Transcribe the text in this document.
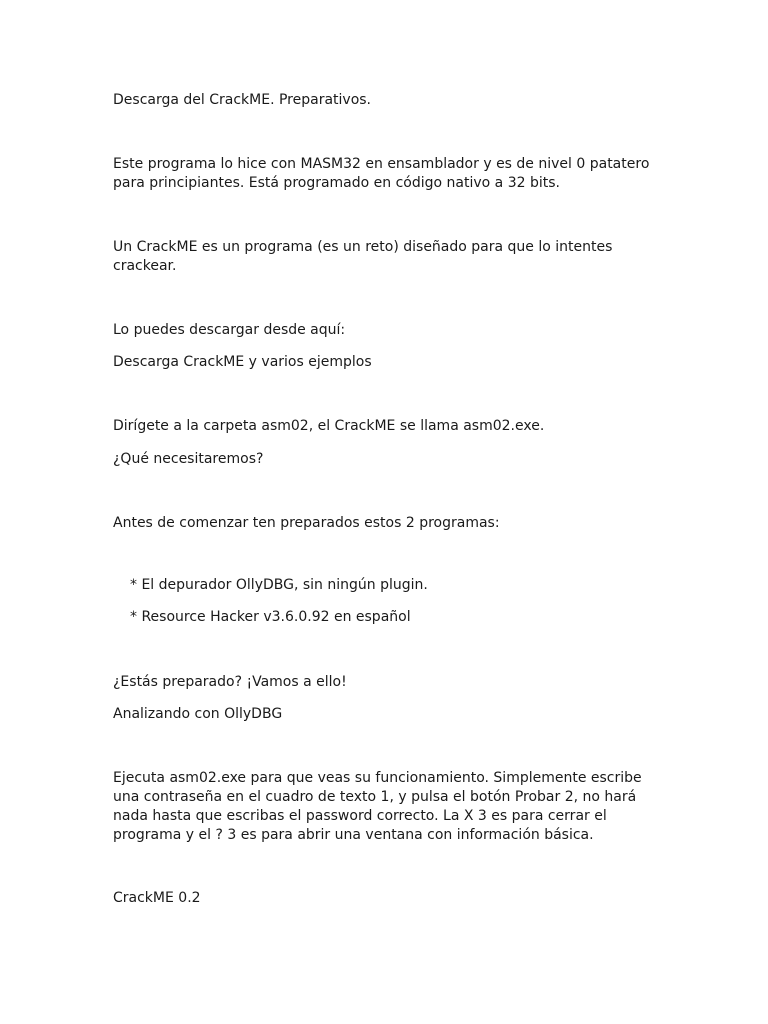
Descarga del CrackME. Preparativos.

Este programa lo hice con MASM32 en ensamblador y es de nivel 0 patatero para principiantes. Está programado en código nativo a 32 bits.

Un CrackME es un programa (es un reto) diseñado para que lo intentes crackear.

Lo puedes descargar desde aquí:

Descarga CrackME y varios ejemplos

Dirígete a la carpeta asm02, el CrackME se llama asm02.exe.

¿Qué necesitaremos?

Antes de comenzar ten preparados estos 2 programas:

* El depurador OllyDBG, sin ningún plugin.

* Resource Hacker v3.6.0.92 en español

¿Estás preparado? ¡Vamos a ello!

Analizando con OllyDBG

Ejecuta asm02.exe para que veas su funcionamiento. Simplemente escribe una contraseña en el cuadro de texto 1, y pulsa el botón Probar 2, no hará nada hasta que escribas el password correcto. La X 3 es para cerrar el programa y el ? 3 es para abrir una ventana con información básica.

CrackME 0.2
